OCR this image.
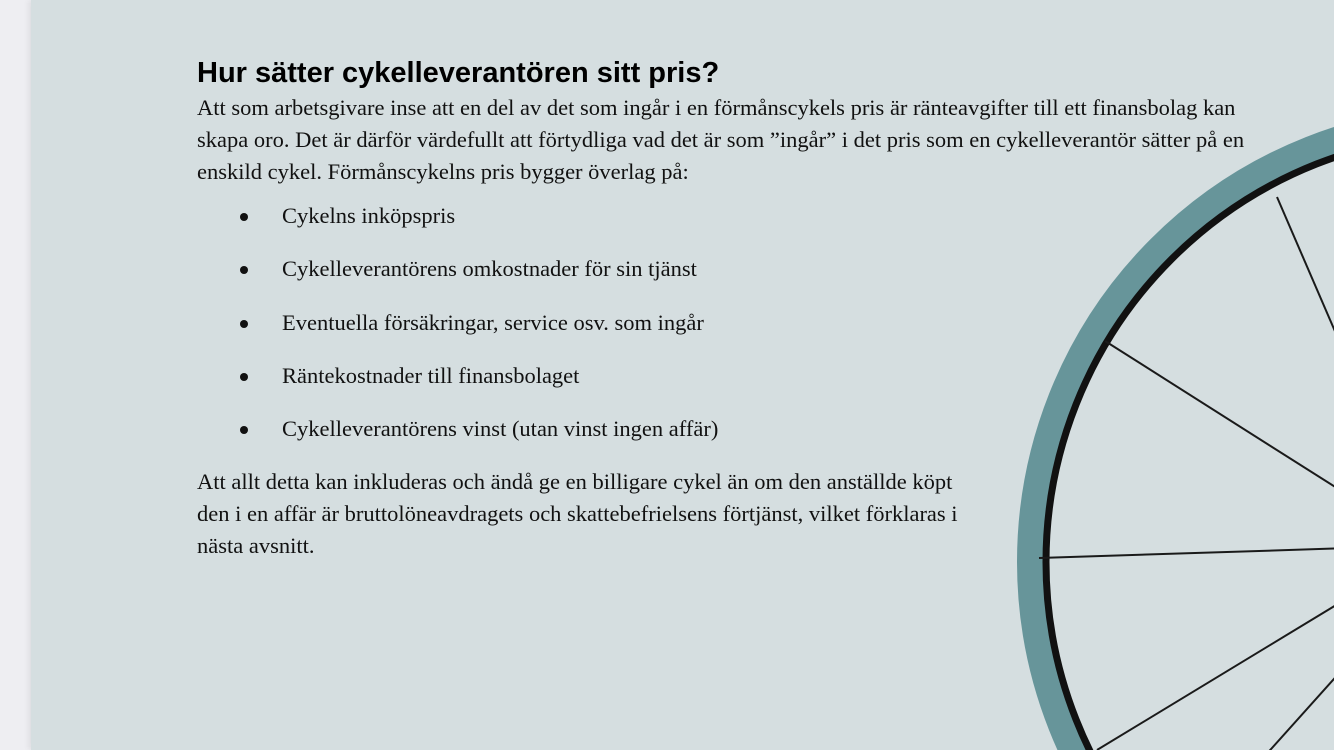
Hur sätter cykelleverantören sitt pris?

Att som arbetsgivare inse att en del av det som ingår i en förmånscykels pris är ränteavgifter till ett finansbolag kan skapa oro. Det är därför värdefullt att förtydliga vad det är som ”ingår” i det pris som en cykelleverantör sätter på en enskild cykel. Förmånscykelns pris bygger överlag på:

Cykelns inköpspris
Cykelleverantörens omkostnader för sin tjänst
Eventuella försäkringar, service osv. som ingår
Räntekostnader till finansbolaget
Cykelleverantörens vinst (utan vinst ingen affär)

Att allt detta kan inkluderas och ändå ge en billigare cykel än om den anställde köpt den i en affär är bruttolöneavdragets och skattebefrielsens förtjänst, vilket förklaras i nästa avsnitt.
